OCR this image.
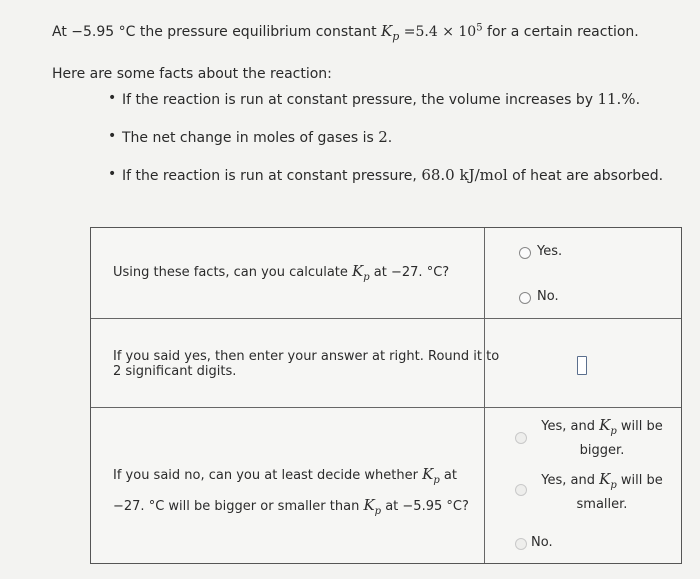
At −5.95 °C the pressure equilibrium constant $K_p =5.4 \times 10^5$ for a certain reaction.
Here are some facts about the reaction:
• If the reaction is run at constant pressure, the volume increases by 11.%.
• The net change in moles of gases is 2.
• If the reaction is run at constant pressure, 68.0 kJ/mol of heat are absorbed.
Using these facts, can you calculate $K_p$ at −27. °C?
Yes.
No.
If you said yes, then enter your answer at right. Round it to
2 significant digits.
If you said no, can you at least decide whether $K_p$ at
−27. °C will be bigger or smaller than $K_p$ at −5.95 °C?
Yes, and $K_p$ will be
bigger.
Yes, and $K_p$ will be
smaller.
No.
